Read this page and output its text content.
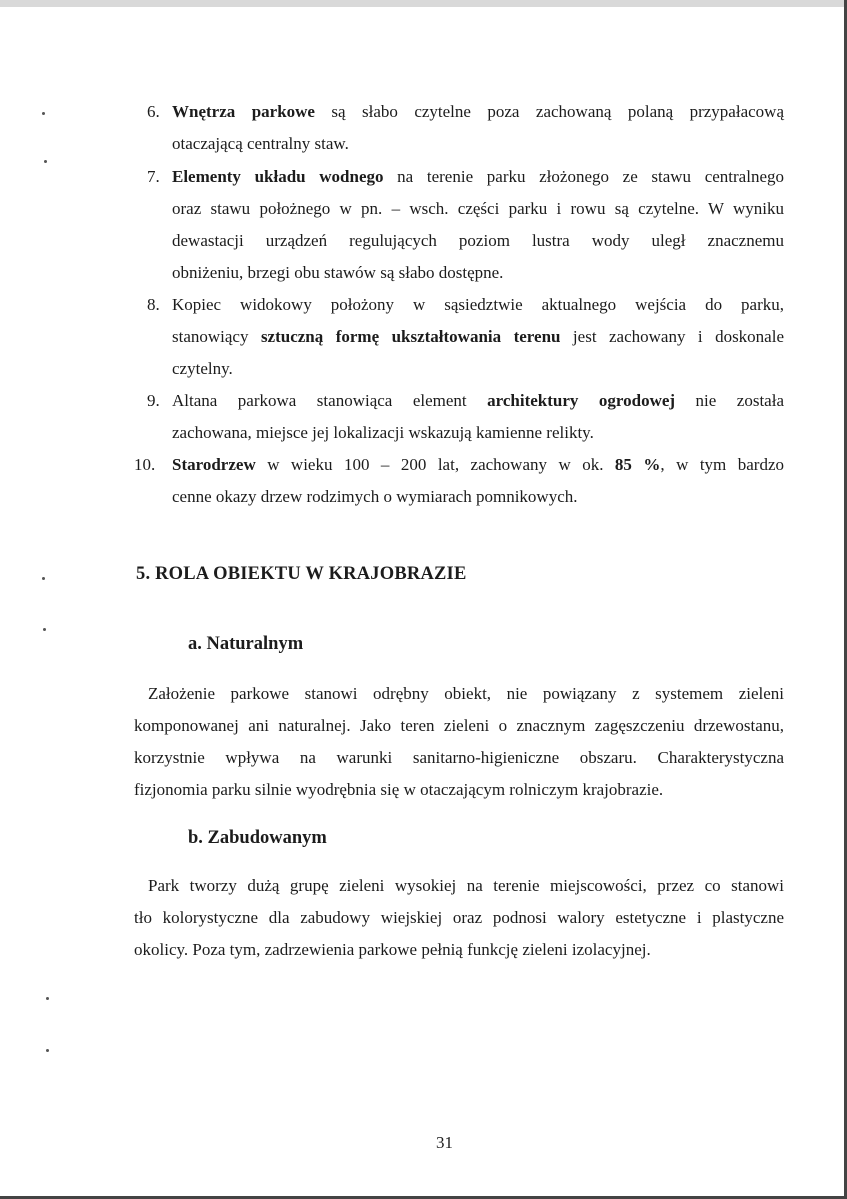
6. Wnętrza parkowe są słabo czytelne poza zachowaną polaną przypałacową
otaczającą centralny staw.
7. Elementy układu wodnego na terenie parku złożonego ze stawu centralnego
oraz stawu położnego w pn. – wsch. części parku i rowu są czytelne. W wyniku
dewastacji urządzeń regulujących poziom lustra wody uległ znacznemu
obniżeniu, brzegi obu stawów są słabo dostępne.
8. Kopiec widokowy położony w sąsiedztwie aktualnego wejścia do parku,
stanowiący sztuczną formę ukształtowania terenu jest zachowany i doskonale
czytelny.
9. Altana parkowa stanowiąca element architektury ogrodowej nie została
zachowana, miejsce jej lokalizacji wskazują kamienne relikty.
10. Starodrzew w wieku 100 – 200 lat, zachowany w ok. 85 %, w tym bardzo
cenne okazy drzew rodzimych o wymiarach pomnikowych.
5. ROLA OBIEKTU W KRAJOBRAZIE
a. Naturalnym
Założenie parkowe stanowi odrębny obiekt, nie powiązany z systemem zieleni
komponowanej ani naturalnej. Jako teren zieleni o znacznym zagęszczeniu drzewostanu,
korzystnie wpływa na warunki sanitarno-higieniczne obszaru. Charakterystyczna
fizjonomia parku silnie wyodrębnia się w otaczającym rolniczym krajobrazie.
b. Zabudowanym
Park tworzy dużą grupę zieleni wysokiej na terenie miejscowości, przez co stanowi
tło kolorystyczne dla zabudowy wiejskiej oraz podnosi walory estetyczne i plastyczne
okolicy. Poza tym, zadrzewienia parkowe pełnią funkcję zieleni izolacyjnej.
31
